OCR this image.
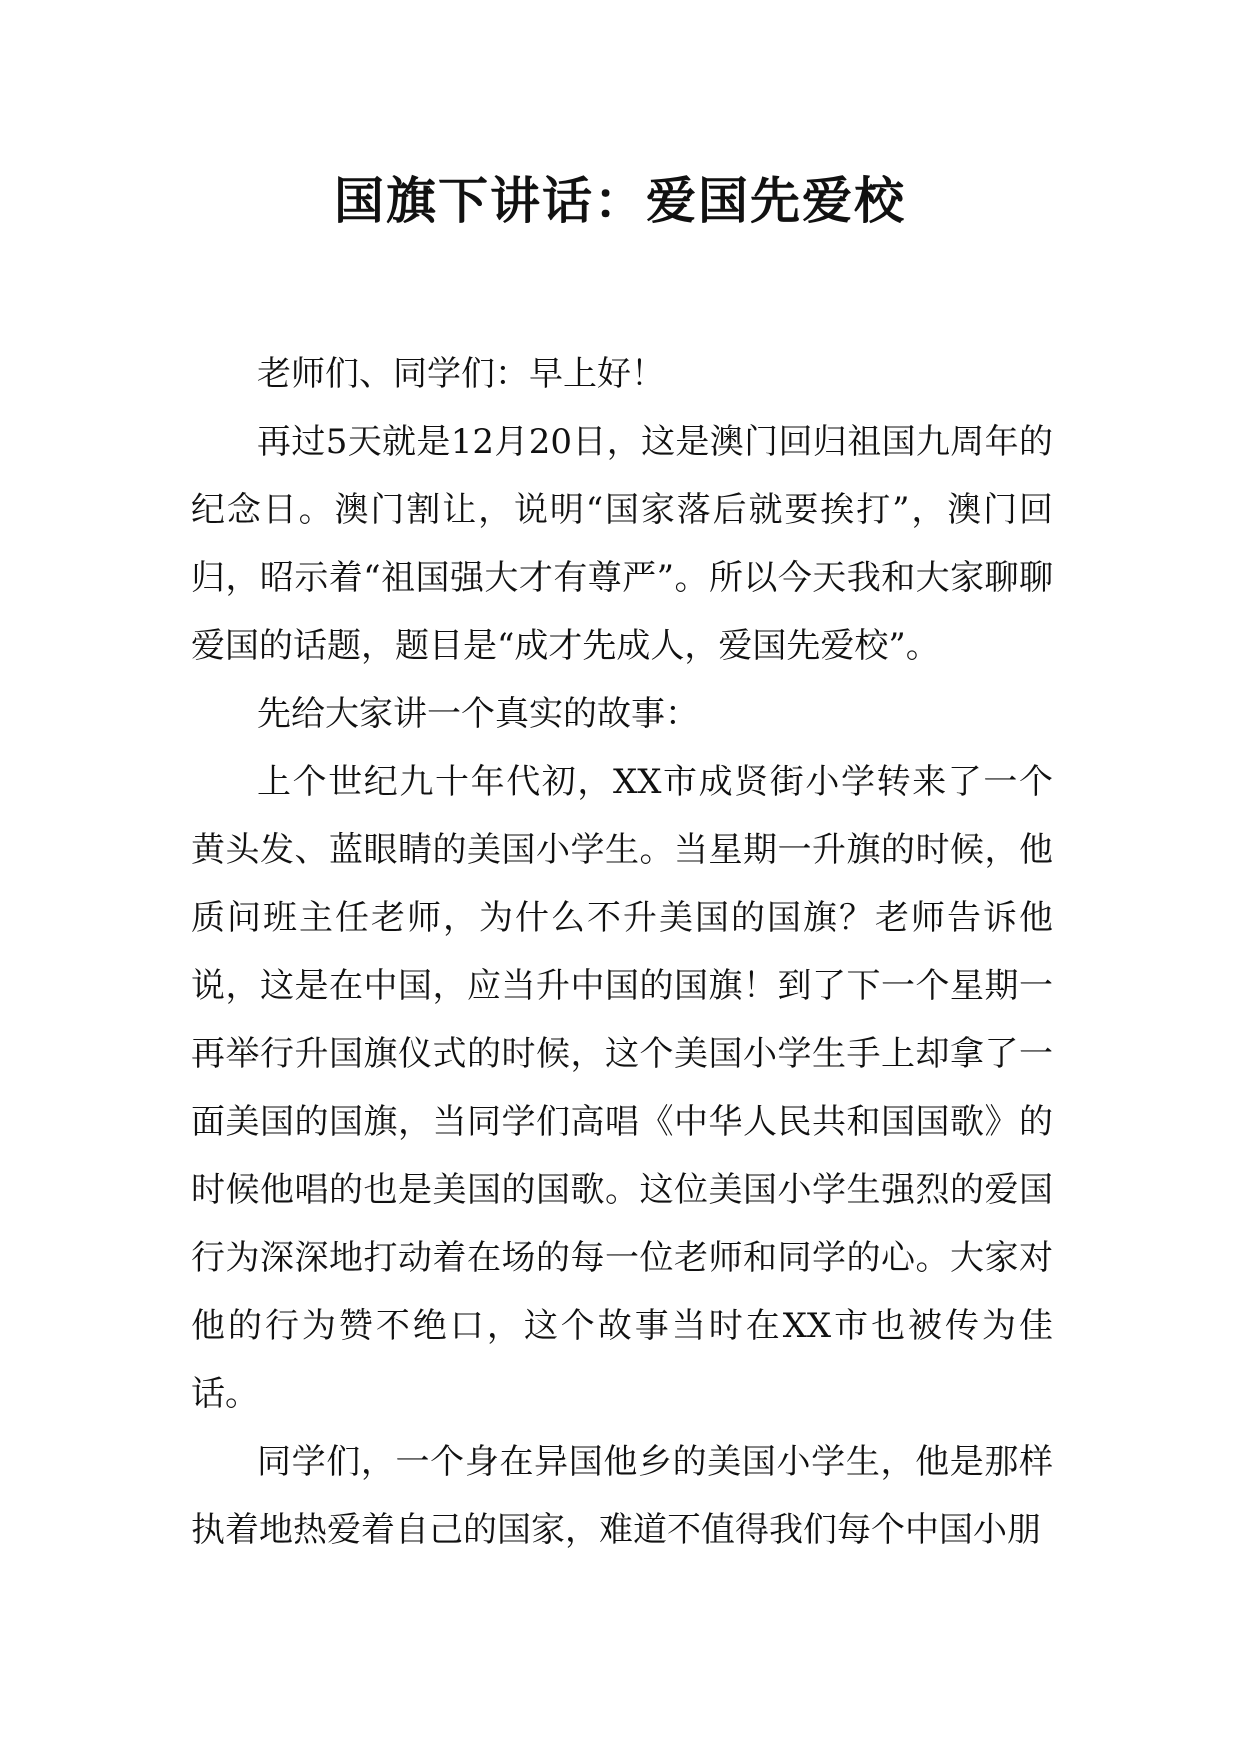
国旗下讲话：爱国先爱校

老师们、同学们：早上好！

再过5天就是12月20日，这是澳门回归祖国九周年的纪念日。澳门割让，说明“国家落后就要挨打”，澳门回归，昭示着“祖国强大才有尊严”。所以今天我和大家聊聊爱国的话题，题目是“成才先成人，爱国先爱校”。

先给大家讲一个真实的故事：

上个世纪九十年代初，XX市成贤街小学转来了一个黄头发、蓝眼睛的美国小学生。当星期一升旗的时候，他质问班主任老师，为什么不升美国的国旗？老师告诉他说，这是在中国，应当升中国的国旗！到了下一个星期一再举行升国旗仪式的时候，这个美国小学生手上却拿了一面美国的国旗，当同学们高唱《中华人民共和国国歌》的时候他唱的也是美国的国歌。这位美国小学生强烈的爱国行为深深地打动着在场的每一位老师和同学的心。大家对他的行为赞不绝口，这个故事当时在XX市也被传为佳话。

同学们，一个身在异国他乡的美国小学生，他是那样执着地热爱着自己的国家，难道不值得我们每个中国小朋
